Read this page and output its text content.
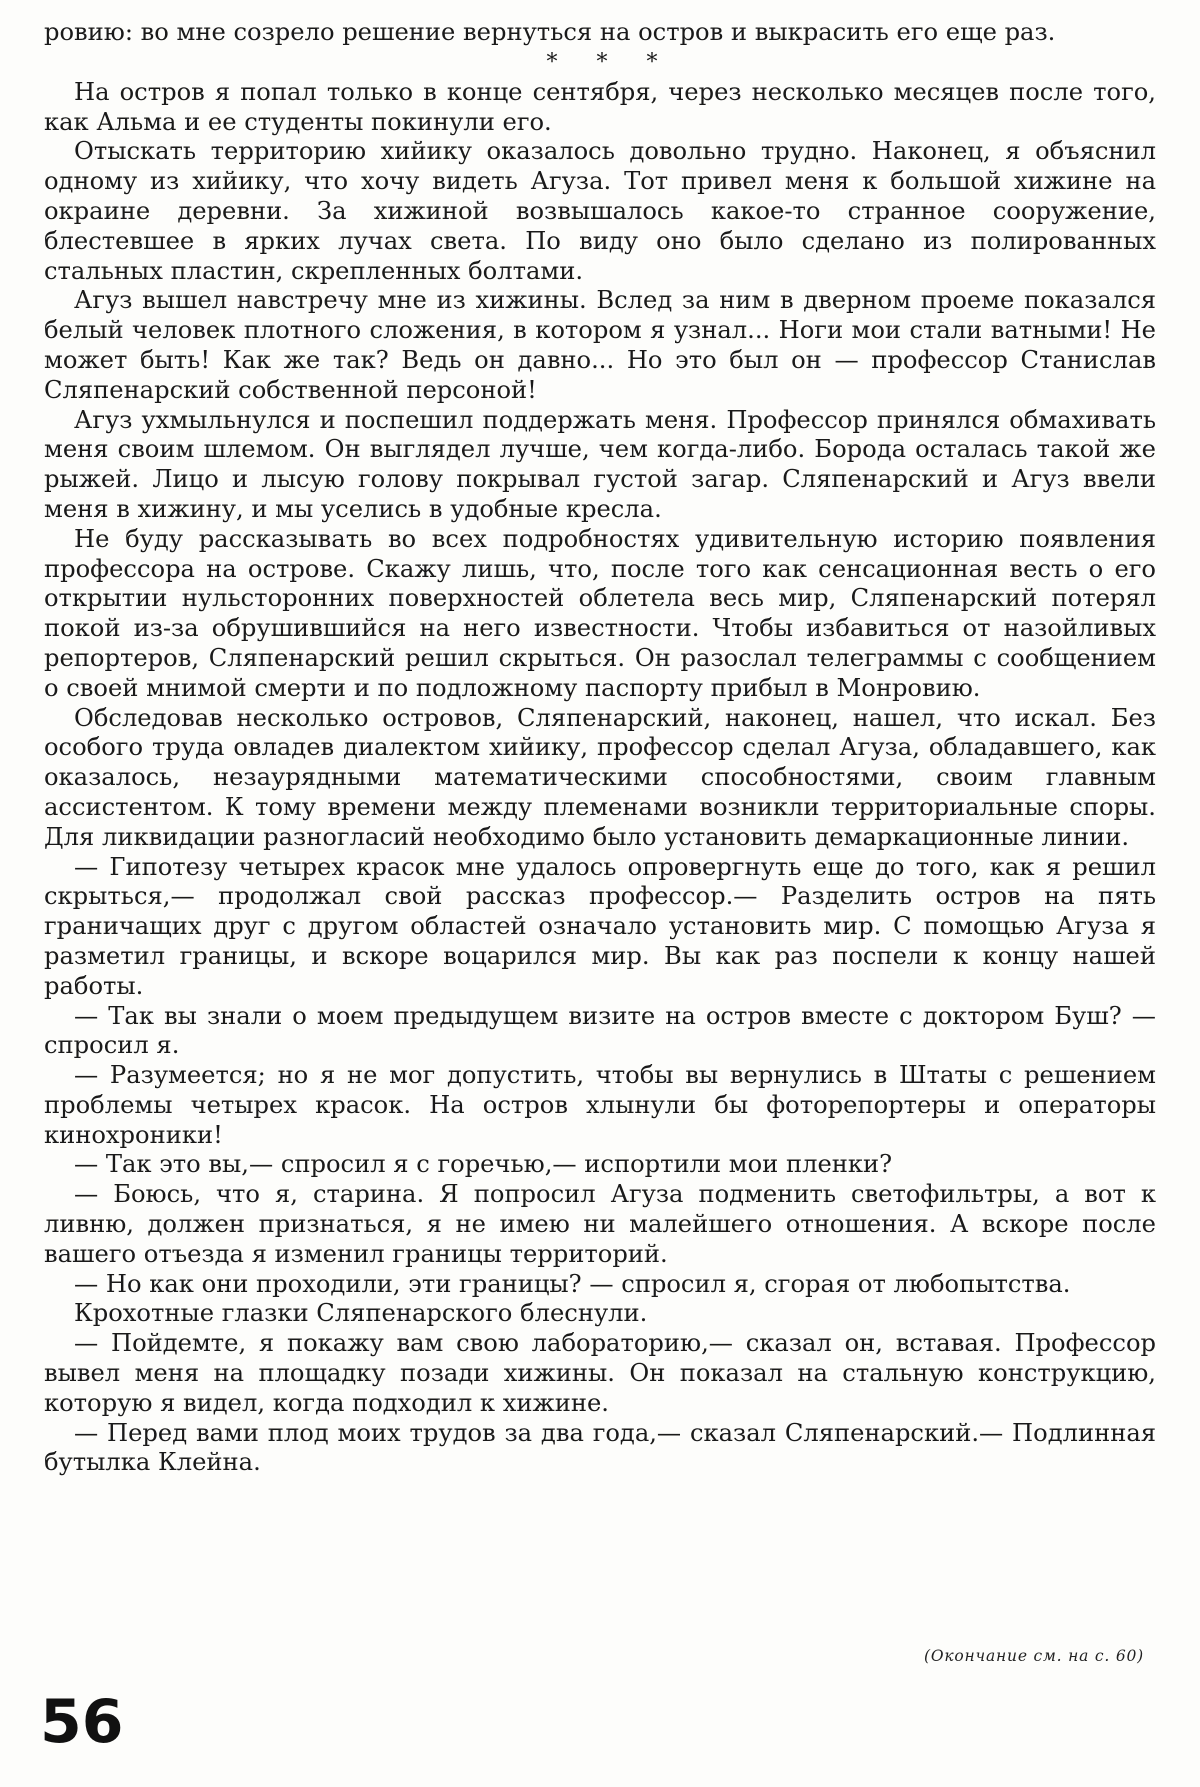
ровию: во мне созрело решение вернуться на остров и выкрасить его еще раз.

* * *

На остров я попал только в конце сентября, через несколько месяцев после того, как Альма и ее студенты покинули его.

Отыскать территорию хийику оказалось довольно трудно. Наконец, я объяснил одному из хийику, что хочу видеть Агуза. Тот привел меня к большой хижине на окраине деревни. За хижиной возвышалось какое-то странное сооружение, блестевшее в ярких лучах света. По виду оно было сделано из полированных стальных пластин, скрепленных болтами.

Агуз вышел навстречу мне из хижины. Вслед за ним в дверном проеме показался белый человек плотного сложения, в котором я узнал... Ноги мои стали ватными! Не может быть! Как же так? Ведь он давно... Но это был он — профессор Станислав Сляпенарский собственной персоной!

Агуз ухмыльнулся и поспешил поддержать меня. Профессор принялся обмахивать меня своим шлемом. Он выглядел лучше, чем когда-либо. Борода осталась такой же рыжей. Лицо и лысую голову покрывал густой загар. Сляпенарский и Агуз ввели меня в хижину, и мы уселись в удобные кресла.

Не буду рассказывать во всех подробностях удивительную историю появления профессора на острове. Скажу лишь, что, после того как сенсационная весть о его открытии нульсторонних поверхностей облетела весь мир, Сляпенарский потерял покой из-за обрушившийся на него известности. Чтобы избавиться от назойливых репортеров, Сляпенарский решил скрыться. Он разослал телеграммы с сообщением о своей мнимой смерти и по подложному паспорту прибыл в Монровию.

Обследовав несколько островов, Сляпенарский, наконец, нашел, что искал. Без особого труда овладев диалектом хийику, профессор сделал Агуза, обладавшего, как оказалось, незаурядными математическими способностями, своим главным ассистентом. К тому времени между племенами возникли территориальные споры. Для ликвидации разногласий необходимо было установить демаркационные линии.

— Гипотезу четырех красок мне удалось опровергнуть еще до того, как я решил скрыться,— продолжал свой рассказ профессор.— Разделить остров на пять граничащих друг с другом областей означало установить мир. С помощью Агуза я разметил границы, и вскоре воцарился мир. Вы как раз поспели к концу нашей работы.

— Так вы знали о моем предыдущем визите на остров вместе с доктором Буш? — спросил я.

— Разумеется; но я не мог допустить, чтобы вы вернулись в Штаты с решением проблемы четырех красок. На остров хлынули бы фоторепортеры и операторы кинохроники!

— Так это вы,— спросил я с горечью,— испортили мои пленки?

— Боюсь, что я, старина. Я попросил Агуза подменить светофильтры, а вот к ливню, должен признаться, я не имею ни малейшего отношения. А вскоре после вашего отъезда я изменил границы территорий.

— Но как они проходили, эти границы? — спросил я, сгорая от любопытства.

Крохотные глазки Сляпенарского блеснули.

— Пойдемте, я покажу вам свою лабораторию,— сказал он, вставая. Профессор вывел меня на площадку позади хижины. Он показал на стальную конструкцию, которую я видел, когда подходил к хижине.

— Перед вами плод моих трудов за два года,— сказал Сляпенарский.— Подлинная бутылка Клейна.

(Окончание см. на с. 60)
56
